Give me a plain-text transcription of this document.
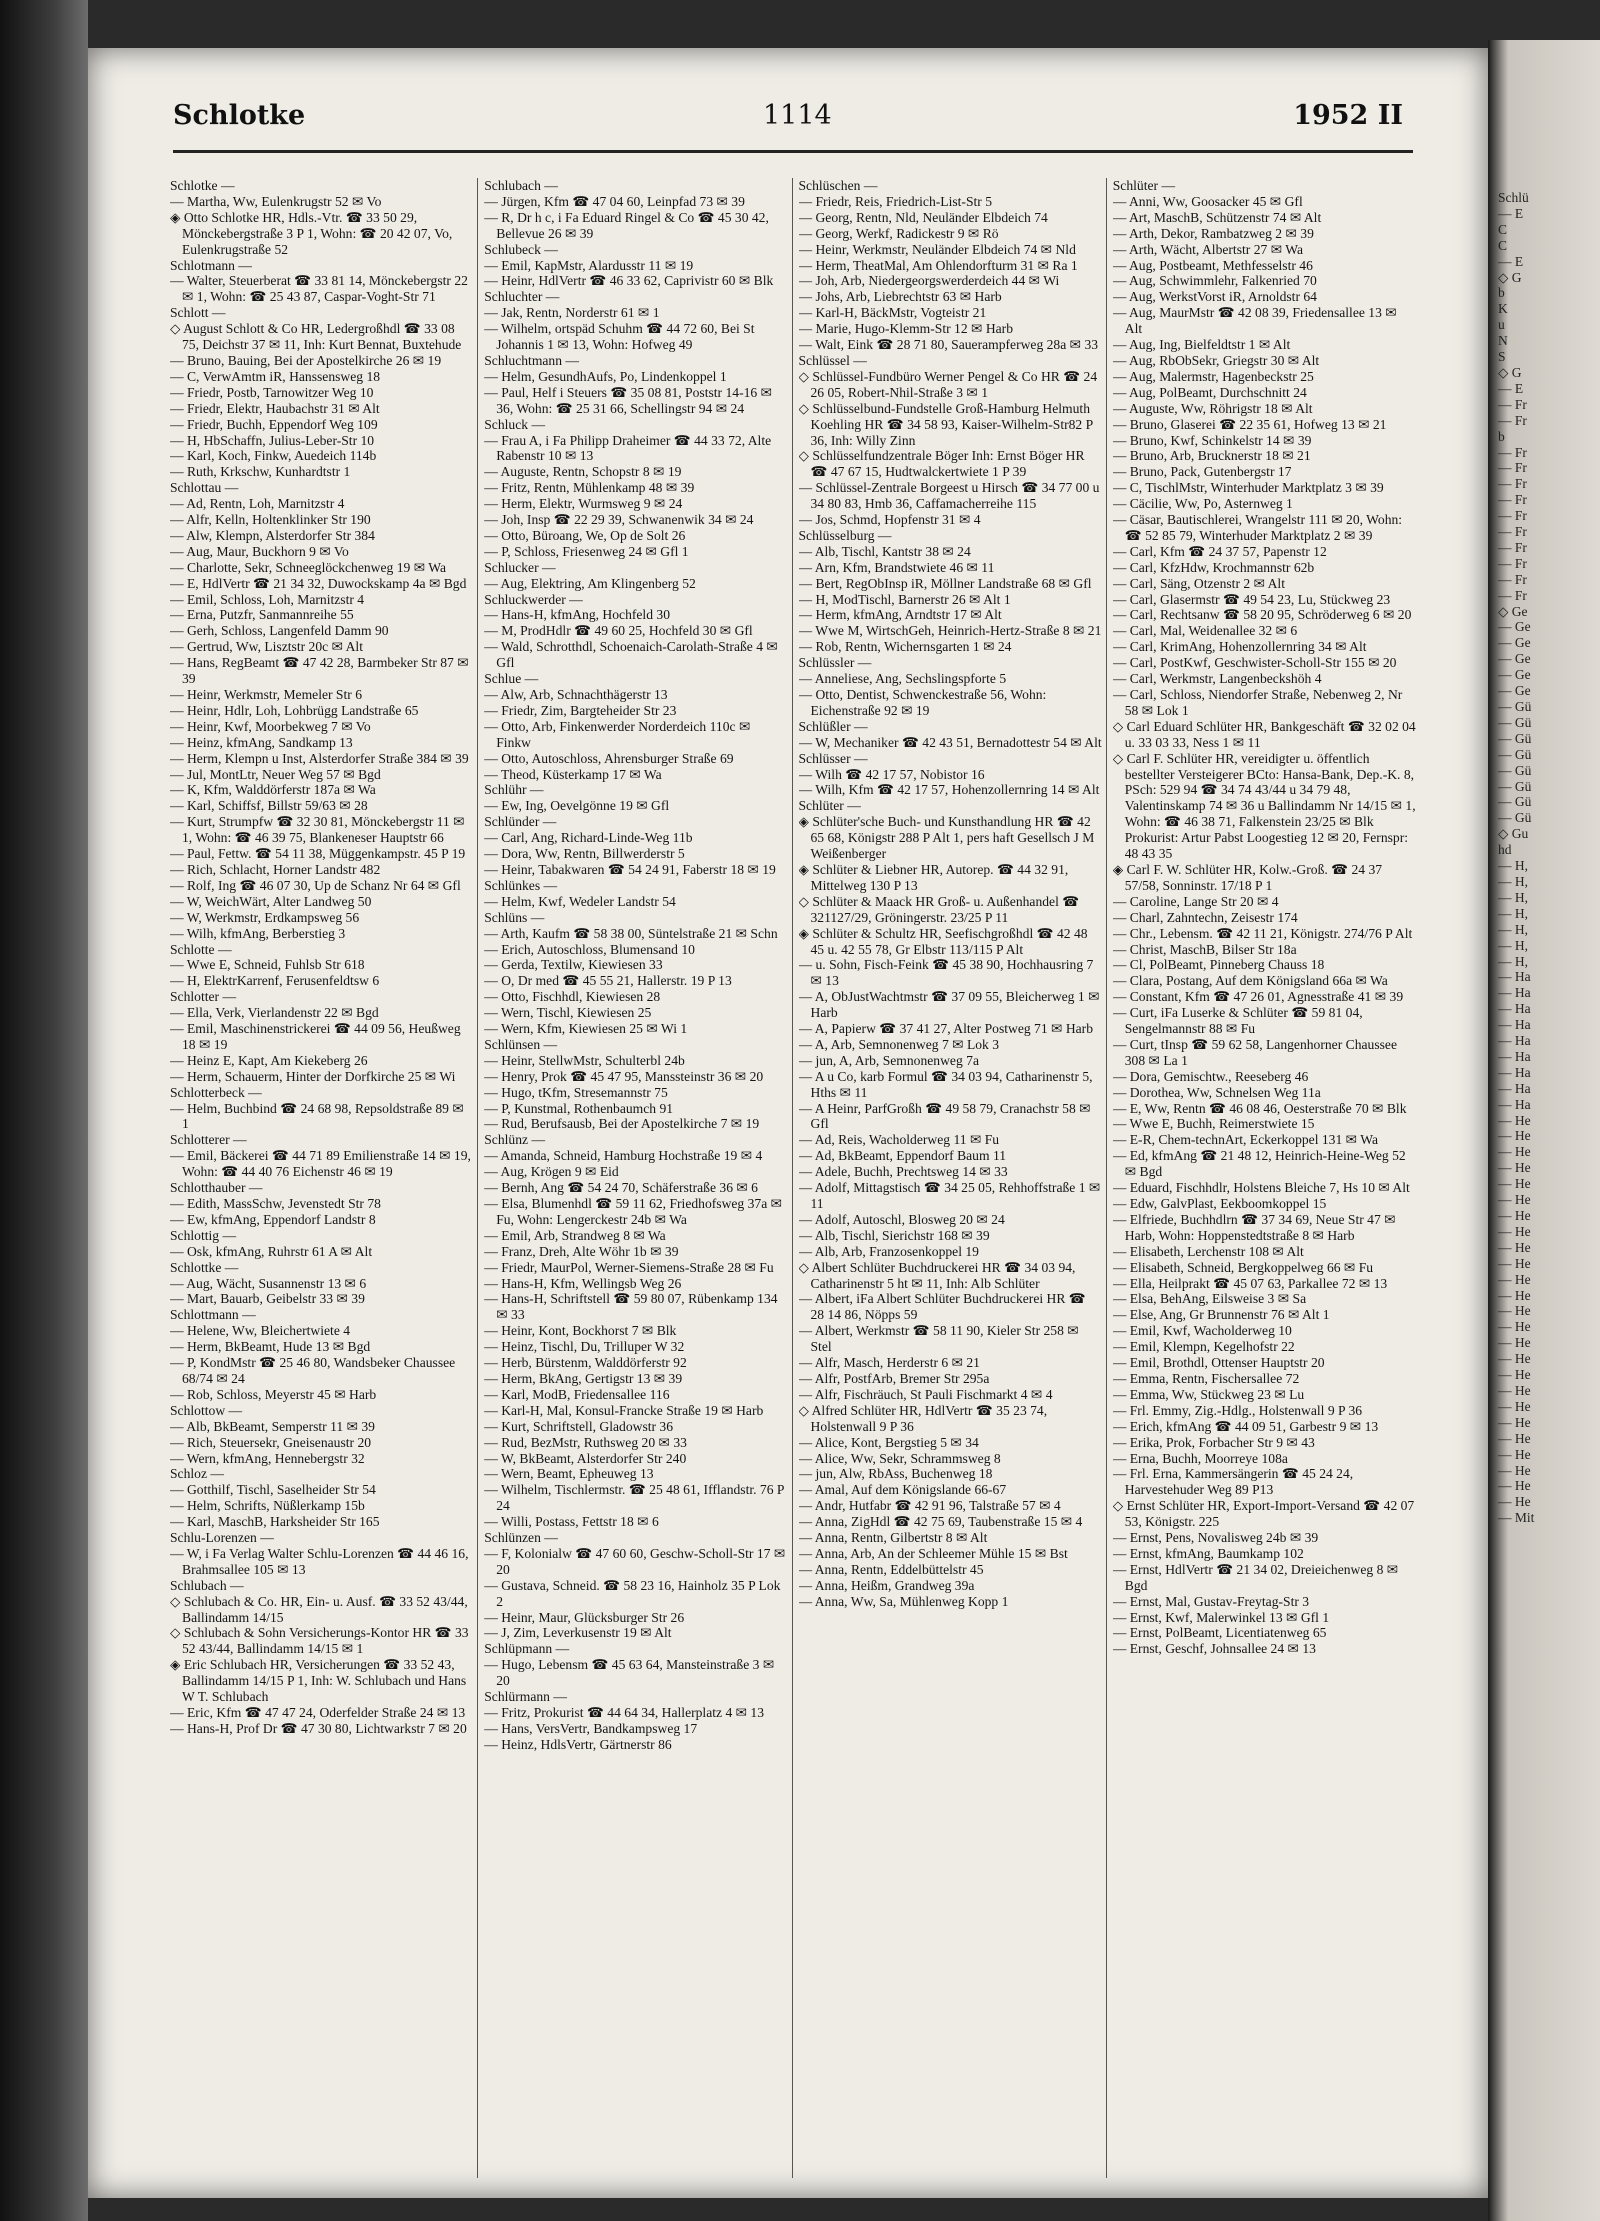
Schlotke	1114	1952 II
Schlotke —
— Martha, Ww, Eulenkrugstr 52 ✉ Vo
◈ Otto Schlotke HR, Hdls.-Vtr. ☎ 33 50 29, Mönckebergstraße 3 P 1, Wohn: ☎ 20 42 07, Vo, Eulenkrugstraße 52
Schlotmann —
— Walter, Steuerberat ☎ 33 81 14, Mönckebergstr 22 ✉ 1, Wohn: ☎ 25 43 87, Caspar-Voght-Str 71
Schlott —
◇ August Schlott & Co HR, Ledergroßhdl ☎ 33 08 75, Deichstr 37 ✉ 11, Inh: Kurt Bennat, Buxtehude
— Bruno, Bauing, Bei der Apostelkirche 26 ✉ 19
— C, VerwAmtm iR, Hanssensweg 18
— Friedr, Postb, Tarnowitzer Weg 10
— Friedr, Elektr, Haubachstr 31 ✉ Alt
— Friedr, Buchh, Eppendorf Weg 109
— H, HbSchaffn, Julius-Leber-Str 10
— Karl, Koch, Finkw, Auedeich 114b
— Ruth, Krkschw, Kunhardtstr 1
Schlottau —
— Ad, Rentn, Loh, Marnitzstr 4
— Alfr, Kelln, Holtenklinker Str 190
— Alw, Klempn, Alsterdorfer Str 384
— Aug, Maur, Buckhorn 9 ✉ Vo
— Charlotte, Sekr, Schneeglöckchenweg 19 ✉ Wa
— E, HdlVertr ☎ 21 34 32, Duwockskamp 4a ✉ Bgd
— Emil, Schloss, Loh, Marnitzstr 4
— Erna, Putzfr, Sanmannreihe 55
— Gerh, Schloss, Langenfeld Damm 90
— Gertrud, Ww, Lisztstr 20c ✉ Alt
— Hans, RegBeamt ☎ 47 42 28, Barmbeker Str 87 ✉ 39
— Heinr, Werkmstr, Memeler Str 6
— Heinr, Hdlr, Loh, Lohbrügg Landstraße 65
— Heinr, Kwf, Moorbekweg 7 ✉ Vo
— Heinz, kfmAng, Sandkamp 13
— Herm, Klempn u Inst, Alsterdorfer Straße 384 ✉ 39
— Jul, MontLtr, Neuer Weg 57 ✉ Bgd
— K, Kfm, Walddörferstr 187a ✉ Wa
— Karl, Schiffsf, Billstr 59/63 ✉ 28
— Kurt, Strumpfw ☎ 32 30 81, Mönckebergstr 11 ✉ 1, Wohn: ☎ 46 39 75, Blankeneser Hauptstr 66
— Paul, Fettw. ☎ 54 11 38, Müggenkampstr. 45 P 19
— Rich, Schlacht, Horner Landstr 482
— Rolf, Ing ☎ 46 07 30, Up de Schanz Nr 64 ✉ Gfl
— W, WeichWärt, Alter Landweg 50
— W, Werkmstr, Erdkampsweg 56
— Wilh, kfmAng, Berberstieg 3
Schlotte —
— Wwe E, Schneid, Fuhlsb Str 618
— H, ElektrKarrenf, Ferusenfeldtsw 6
Schlotter —
— Ella, Verk, Vierlandenstr 22 ✉ Bgd
— Emil, Maschinenstrickerei ☎ 44 09 56, Heußweg 18 ✉ 19
— Heinz E, Kapt, Am Kiekeberg 26
— Herm, Schauerm, Hinter der Dorfkirche 25 ✉ Wi
Schlotterbeck —
— Helm, Buchbind ☎ 24 68 98, Repsoldstraße 89 ✉ 1
Schlotterer —
— Emil, Bäckerei ☎ 44 71 89 Emilienstraße 14 ✉ 19, Wohn: ☎ 44 40 76 Eichenstr 46 ✉ 19
Schlotthauber —
— Edith, MassSchw, Jevenstedt Str 78
— Ew, kfmAng, Eppendorf Landstr 8
Schlottig —
— Osk, kfmAng, Ruhrstr 61 A ✉ Alt
Schlottke —
— Aug, Wächt, Susannenstr 13 ✉ 6
— Mart, Bauarb, Geibelstr 33 ✉ 39
Schlottmann —
— Helene, Ww, Bleichertwiete 4
— Herm, BkBeamt, Hude 13 ✉ Bgd
— P, KondMstr ☎ 25 46 80, Wandsbeker Chaussee 68/74 ✉ 24
— Rob, Schloss, Meyerstr 45 ✉ Harb
Schlottow —
— Alb, BkBeamt, Semperstr 11 ✉ 39
— Rich, Steuersekr, Gneisenaustr 20
— Wern, kfmAng, Hennebergstr 32
Schloz —
— Gotthilf, Tischl, Saselheider Str 54
— Helm, Schrifts, Nüßlerkamp 15b
— Karl, MaschB, Harksheider Str 165
Schlu-Lorenzen —
— W, i Fa Verlag Walter Schlu-Lorenzen ☎ 44 46 16, Brahmsallee 105 ✉ 13
Schlubach —
◇ Schlubach & Co. HR, Ein- u. Ausf. ☎ 33 52 43/44, Ballindamm 14/15
◇ Schlubach & Sohn Versicherungs-Kontor HR ☎ 33 52 43/44, Ballindamm 14/15 ✉ 1
◈ Eric Schlubach HR, Versicherungen ☎ 33 52 43, Ballindamm 14/15 P 1, Inh: W. Schlubach und Hans W T. Schlubach
— Eric, Kfm ☎ 47 47 24, Oderfelder Straße 24 ✉ 13
— Hans-H, Prof Dr ☎ 47 30 80, Lichtwarkstr 7 ✉ 20
Schlubach —
— Jürgen, Kfm ☎ 47 04 60, Leinpfad 73 ✉ 39
— R, Dr h c, i Fa Eduard Ringel & Co ☎ 45 30 42, Bellevue 26 ✉ 39
Schlubeck —
— Emil, KapMstr, Alardusstr 11 ✉ 19
— Heinr, HdlVertr ☎ 46 33 62, Caprivistr 60 ✉ Blk
Schluchter —
— Jak, Rentn, Norderstr 61 ✉ 1
— Wilhelm, ortspäd Schuhm ☎ 44 72 60, Bei St Johannis 1 ✉ 13, Wohn: Hofweg 49
Schluchtmann —
— Helm, GesundhAufs, Po, Lindenkoppel 1
— Paul, Helf i Steuers ☎ 35 08 81, Poststr 14-16 ✉ 36, Wohn: ☎ 25 31 66, Schellingstr 94 ✉ 24
Schluck —
— Frau A, i Fa Philipp Draheimer ☎ 44 33 72, Alte Rabenstr 10 ✉ 13
— Auguste, Rentn, Schopstr 8 ✉ 19
— Fritz, Rentn, Mühlenkamp 48 ✉ 39
— Herm, Elektr, Wurmsweg 9 ✉ 24
— Joh, Insp ☎ 22 29 39, Schwanenwik 34 ✉ 24
— Otto, Büroang, We, Op de Solt 26
— P, Schloss, Friesenweg 24 ✉ Gfl 1
Schlucker —
— Aug, Elektring, Am Klingenberg 52
Schluckwerder —
— Hans-H, kfmAng, Hochfeld 30
— M, ProdHdlr ☎ 49 60 25, Hochfeld 30 ✉ Gfl
— Wald, Schrotthdl, Schoenaich-Carolath-Straße 4 ✉ Gfl
Schlue —
— Alw, Arb, Schnachthägerstr 13
— Friedr, Zim, Bargteheider Str 23
— Otto, Arb, Finkenwerder Norderdeich 110c ✉ Finkw
— Otto, Autoschloss, Ahrensburger Straße 69
— Theod, Küsterkamp 17 ✉ Wa
Schlühr —
— Ew, Ing, Oevelgönne 19 ✉ Gfl
Schlünder —
— Carl, Ang, Richard-Linde-Weg 11b
— Dora, Ww, Rentn, Billwerderstr 5
— Heinr, Tabakwaren ☎ 54 24 91, Faberstr 18 ✉ 19
Schlünkes —
— Helm, Kwf, Wedeler Landstr 54
Schlüns —
— Arth, Kaufm ☎ 58 38 00, Süntelstraße 21 ✉ Schn
— Erich, Autoschloss, Blumensand 10
— Gerda, Textilw, Kiewiesen 33
— O, Dr med ☎ 45 55 21, Hallerstr. 19 P 13
— Otto, Fischhdl, Kiewiesen 28
— Wern, Tischl, Kiewiesen 25
— Wern, Kfm, Kiewiesen 25 ✉ Wi 1
Schlünsen —
— Heinr, StellwMstr, Schulterbl 24b
— Henry, Prok ☎ 45 47 95, Manssteinstr 36 ✉ 20
— Hugo, tKfm, Stresemannstr 75
— P, Kunstmal, Rothenbaumch 91
— Rud, Berufsausb, Bei der Apostelkirche 7 ✉ 19
Schlünz —
— Amanda, Schneid, Hamburg Hochstraße 19 ✉ 4
— Aug, Krögen 9 ✉ Eid
— Bernh, Ang ☎ 54 24 70, Schäferstraße 36 ✉ 6
— Elsa, Blumenhdl ☎ 59 11 62, Friedhofsweg 37a ✉ Fu, Wohn: Lengerckestr 24b ✉ Wa
— Emil, Arb, Strandweg 8 ✉ Wa
— Franz, Dreh, Alte Wöhr 1b ✉ 39
— Friedr, MaurPol, Werner-Siemens-Straße 28 ✉ Fu
— Hans-H, Kfm, Wellingsb Weg 26
— Hans-H, Schriftstell ☎ 59 80 07, Rübenkamp 134 ✉ 33
— Heinr, Kont, Bockhorst 7 ✉ Blk
— Heinz, Tischl, Du, Trilluper W 32
— Herb, Bürstenm, Walddörferstr 92
— Herm, BkAng, Gertigstr 13 ✉ 39
— Karl, ModB, Friedensallee 116
— Karl-H, Mal, Konsul-Francke Straße 19 ✉ Harb
— Kurt, Schriftstell, Gladowstr 36
— Rud, BezMstr, Ruthsweg 20 ✉ 33
— W, BkBeamt, Alsterdorfer Str 240
— Wern, Beamt, Epheuweg 13
— Wilhelm, Tischlermstr. ☎ 25 48 61, Ifflandstr. 76 P 24
— Willi, Postass, Fettstr 18 ✉ 6
Schlünzen —
— F, Kolonialw ☎ 47 60 60, Geschw-Scholl-Str 17 ✉ 20
— Gustava, Schneid. ☎ 58 23 16, Hainholz 35 P Lok 2
— Heinr, Maur, Glücksburger Str 26
— J, Zim, Leverkusenstr 19 ✉ Alt
Schlüpmann —
— Hugo, Lebensm ☎ 45 63 64, Mansteinstraße 3 ✉ 20
Schlürmann —
— Fritz, Prokurist ☎ 44 64 34, Hallerplatz 4 ✉ 13
— Hans, VersVertr, Bandkampsweg 17
— Heinz, HdlsVertr, Gärtnerstr 86
Schlüschen —
— Friedr, Reis, Friedrich-List-Str 5
— Georg, Rentn, Nld, Neuländer Elbdeich 74
— Georg, Werkf, Radickestr 9 ✉ Rö
— Heinr, Werkmstr, Neuländer Elbdeich 74 ✉ Nld
— Herm, TheatMal, Am Ohlendorfturm 31 ✉ Ra 1
— Joh, Arb, Niedergeorgswerderdeich 44 ✉ Wi
— Johs, Arb, Liebrechtstr 63 ✉ Harb
— Karl-H, BäckMstr, Vogteistr 21
— Marie, Hugo-Klemm-Str 12 ✉ Harb
— Walt, Eink ☎ 28 71 80, Sauerampferweg 28a ✉ 33
Schlüssel —
◇ Schlüssel-Fundbüro Werner Pengel & Co HR ☎ 24 26 05, Robert-Nhil-Straße 3 ✉ 1
◇ Schlüsselbund-Fundstelle Groß-Hamburg Helmuth Koehling HR ☎ 34 58 93, Kaiser-Wilhelm-Str82 P 36, Inh: Willy Zinn
◇ Schlüsselfundzentrale Böger Inh: Ernst Böger HR ☎ 47 67 15, Hudtwalckertwiete 1 P 39
— Schlüssel-Zentrale Borgeest u Hirsch ☎ 34 77 00 u 34 80 83, Hmb 36, Caffamacherreihe 115
— Jos, Schmd, Hopfenstr 31 ✉ 4
Schlüsselburg —
— Alb, Tischl, Kantstr 38 ✉ 24
— Arn, Kfm, Brandstwiete 46 ✉ 11
— Bert, RegObInsp iR, Möllner Landstraße 68 ✉ Gfl
— H, ModTischl, Barnerstr 26 ✉ Alt 1
— Herm, kfmAng, Arndtstr 17 ✉ Alt
— Wwe M, WirtschGeh, Heinrich-Hertz-Straße 8 ✉ 21
— Rob, Rentn, Wichernsgarten 1 ✉ 24
Schlüssler —
— Anneliese, Ang, Sechslingspforte 5
— Otto, Dentist, Schwenckestraße 56, Wohn: Eichenstraße 92 ✉ 19
Schlüßler —
— W, Mechaniker ☎ 42 43 51, Bernadottestr 54 ✉ Alt
Schlüsser —
— Wilh ☎ 42 17 57, Nobistor 16
— Wilh, Kfm ☎ 42 17 57, Hohenzollernring 14 ✉ Alt
Schlüter —
◈ Schlüter'sche Buch- und Kunsthandlung HR ☎ 42 65 68, Königstr 288 P Alt 1, pers haft Gesellsch J M Weißenberger
◈ Schlüter & Liebner HR, Autorep. ☎ 44 32 91, Mittelweg 130 P 13
◇ Schlüter & Maack HR Groß- u. Außenhandel ☎ 321127/29, Gröningerstr. 23/25 P 11
◈ Schlüter & Schultz HR, Seefischgroßhdl ☎ 42 48 45 u. 42 55 78, Gr Elbstr 113/115 P Alt
— u. Sohn, Fisch-Feink ☎ 45 38 90, Hochhausring 7 ✉ 13
— A, ObJustWachtmstr ☎ 37 09 55, Bleicherweg 1 ✉ Harb
— A, Papierw ☎ 37 41 27, Alter Postweg 71 ✉ Harb
— A, Arb, Semnonenweg 7 ✉ Lok 3
— jun, A, Arb, Semnonenweg 7a
— A u Co, karb Formul ☎ 34 03 94, Catharinenstr 5, Hths ✉ 11
— A Heinr, ParfGroßh ☎ 49 58 79, Cranachstr 58 ✉ Gfl
— Ad, Reis, Wacholderweg 11 ✉ Fu
— Ad, BkBeamt, Eppendorf Baum 11
— Adele, Buchh, Prechtsweg 14 ✉ 33
— Adolf, Mittagstisch ☎ 34 25 05, Rehhoffstraße 1 ✉ 11
— Adolf, Autoschl, Blosweg 20 ✉ 24
— Alb, Tischl, Sierichstr 168 ✉ 39
— Alb, Arb, Franzosenkoppel 19
◇ Albert Schlüter Buchdruckerei HR ☎ 34 03 94, Catharinenstr 5 ht ✉ 11, Inh: Alb Schlüter
— Albert, iFa Albert Schlüter Buchdruckerei HR ☎ 28 14 86, Nöpps 59
— Albert, Werkmstr ☎ 58 11 90, Kieler Str 258 ✉ Stel
— Alfr, Masch, Herderstr 6 ✉ 21
— Alfr, PostfArb, Bremer Str 295a
— Alfr, Fischräuch, St Pauli Fischmarkt 4 ✉ 4
◇ Alfred Schlüter HR, HdlVertr ☎ 35 23 74, Holstenwall 9 P 36
— Alice, Kont, Bergstieg 5 ✉ 34
— Alice, Ww, Sekr, Schrammsweg 8
— jun, Alw, RbAss, Buchenweg 18
— Amal, Auf dem Königslande 66-67
— Andr, Hutfabr ☎ 42 91 96, Talstraße 57 ✉ 4
— Anna, ZigHdl ☎ 42 75 69, Taubenstraße 15 ✉ 4
— Anna, Rentn, Gilbertstr 8 ✉ Alt
— Anna, Arb, An der Schleemer Mühle 15 ✉ Bst
— Anna, Rentn, Eddelbüttelstr 45
— Anna, Heißm, Grandweg 39a
— Anna, Ww, Sa, Mühlenweg Kopp 1
Schlüter —
— Anni, Ww, Goosacker 45 ✉ Gfl
— Art, MaschB, Schützenstr 74 ✉ Alt
— Arth, Dekor, Rambatzweg 2 ✉ 39
— Arth, Wächt, Albertstr 27 ✉ Wa
— Aug, Postbeamt, Methfesselstr 46
— Aug, Schwimmlehr, Falkenried 70
— Aug, WerkstVorst iR, Arnoldstr 64
— Aug, MaurMstr ☎ 42 08 39, Friedensallee 13 ✉ Alt
— Aug, Ing, Bielfeldtstr 1 ✉ Alt
— Aug, RbObSekr, Griegstr 30 ✉ Alt
— Aug, Malermstr, Hagenbeckstr 25
— Aug, PolBeamt, Durchschnitt 24
— Auguste, Ww, Röhrigstr 18 ✉ Alt
— Bruno, Glaserei ☎ 22 35 61, Hofweg 13 ✉ 21
— Bruno, Kwf, Schinkelstr 14 ✉ 39
— Bruno, Arb, Brucknerstr 18 ✉ 21
— Bruno, Pack, Gutenbergstr 17
— C, TischlMstr, Winterhuder Marktplatz 3 ✉ 39
— Cäcilie, Ww, Po, Asternweg 1
— Cäsar, Bautischlerei, Wrangelstr 111 ✉ 20, Wohn: ☎ 52 85 79, Winterhuder Marktplatz 2 ✉ 39
— Carl, Kfm ☎ 24 37 57, Papenstr 12
— Carl, KfzHdw, Krochmannstr 62b
— Carl, Säng, Otzenstr 2 ✉ Alt
— Carl, Glasermstr ☎ 49 54 23, Lu, Stückweg 23
— Carl, Rechtsanw ☎ 58 20 95, Schröderweg 6 ✉ 20
— Carl, Mal, Weidenallee 32 ✉ 6
— Carl, KrimAng, Hohenzollernring 34 ✉ Alt
— Carl, PostKwf, Geschwister-Scholl-Str 155 ✉ 20
— Carl, Werkmstr, Langenbeckshöh 4
— Carl, Schloss, Niendorfer Straße, Nebenweg 2, Nr 58 ✉ Lok 1
◇ Carl Eduard Schlüter HR, Bankgeschäft ☎ 32 02 04 u. 33 03 33, Ness 1 ✉ 11
◇ Carl F. Schlüter HR, vereidigter u. öffentlich bestellter Versteigerer BCto: Hansa-Bank, Dep.-K. 8, PSch: 529 94 ☎ 34 74 43/44 u 34 79 48, Valentinskamp 74 ✉ 36 u Ballindamm Nr 14/15 ✉ 1, Wohn: ☎ 46 38 71, Falkenstein 23/25 ✉ Blk Prokurist: Artur Pabst Loogestieg 12 ✉ 20, Fernspr: 48 43 35
◈ Carl F. W. Schlüter HR, Kolw.-Groß. ☎ 24 37 57/58, Sonninstr. 17/18 P 1
— Caroline, Lange Str 20 ✉ 4
— Charl, Zahntechn, Zeisestr 174
— Chr., Lebensm. ☎ 42 11 21, Königstr. 274/76 P Alt
— Christ, MaschB, Bilser Str 18a
— Cl, PolBeamt, Pinneberg Chauss 18
— Clara, Postang, Auf dem Königsland 66a ✉ Wa
— Constant, Kfm ☎ 47 26 01, Agnesstraße 41 ✉ 39
— Curt, iFa Luserke & Schlüter ☎ 59 81 04, Sengelmannstr 88 ✉ Fu
— Curt, tInsp ☎ 59 62 58, Langenhorner Chaussee 308 ✉ La 1
— Dora, Gemischtw., Reeseberg 46
— Dorothea, Ww, Schnelsen Weg 11a
— E, Ww, Rentn ☎ 46 08 46, Oesterstraße 70 ✉ Blk
— Wwe E, Buchh, Reimerstwiete 15
— E-R, Chem-technArt, Eckerkoppel 131 ✉ Wa
— Ed, kfmAng ☎ 21 48 12, Heinrich-Heine-Weg 52 ✉ Bgd
— Eduard, Fischhdlr, Holstens Bleiche 7, Hs 10 ✉ Alt
— Edw, GalvPlast, Eekboomkoppel 15
— Elfriede, Buchhdlrn ☎ 37 34 69, Neue Str 47 ✉ Harb, Wohn: Hoppenstedtstraße 8 ✉ Harb
— Elisabeth, Lerchenstr 108 ✉ Alt
— Elisabeth, Schneid, Bergkoppelweg 66 ✉ Fu
— Ella, Heilprakt ☎ 45 07 63, Parkallee 72 ✉ 13
— Elsa, BehAng, Eilsweise 3 ✉ Sa
— Else, Ang, Gr Brunnenstr 76 ✉ Alt 1
— Emil, Kwf, Wacholderweg 10
— Emil, Klempn, Kegelhofstr 22
— Emil, Brothdl, Ottenser Hauptstr 20
— Emma, Rentn, Fischersallee 72
— Emma, Ww, Stückweg 23 ✉ Lu
— Frl. Emmy, Zig.-Hdlg., Holstenwall 9 P 36
— Erich, kfmAng ☎ 44 09 51, Garbestr 9 ✉ 13
— Erika, Prok, Forbacher Str 9 ✉ 43
— Erna, Buchh, Moorreye 108a
— Frl. Erna, Kammersängerin ☎ 45 24 24, Harvestehuder Weg 89 P13
◇ Ernst Schlüter HR, Export-Import-Versand ☎ 42 07 53, Königstr. 225
— Ernst, Pens, Novalisweg 24b ✉ 39
— Ernst, kfmAng, Baumkamp 102
— Ernst, HdlVertr ☎ 21 34 02, Dreieichenweg 8 ✉ Bgd
— Ernst, Mal, Gustav-Freytag-Str 3
— Ernst, Kwf, Malerwinkel 13 ✉ Gfl 1
— Ernst, PolBeamt, Licentiatenweg 65
— Ernst, Geschf, Johnsallee 24 ✉ 13
Schlü
— E
C
C
— E
◇ G
b
K
u
N
S
◇ G
— E
— Fr
— Fr
b
— Fr
— Fr
— Fr
— Fr
— Fr
— Fr
— Fr
— Fr
— Fr
— Fr
◇ Ge
— Ge
— Ge
— Ge
— Ge
— Ge
— Gü
— Gü
— Gü
— Gü
— Gü
— Gü
— Gü
— Gü
◇ Gu
hd
— H,
— H,
— H,
— H,
— H,
— H,
— H,
— Ha
— Ha
— Ha
— Ha
— Ha
— Ha
— Ha
— Ha
— Ha
— He
— He
— He
— He
— He
— He
— He
— He
— He
— He
— He
— He
— He
— He
— He
— He
— He
— He
— He
— He
— He
— He
— He
— He
— He
— Mit
